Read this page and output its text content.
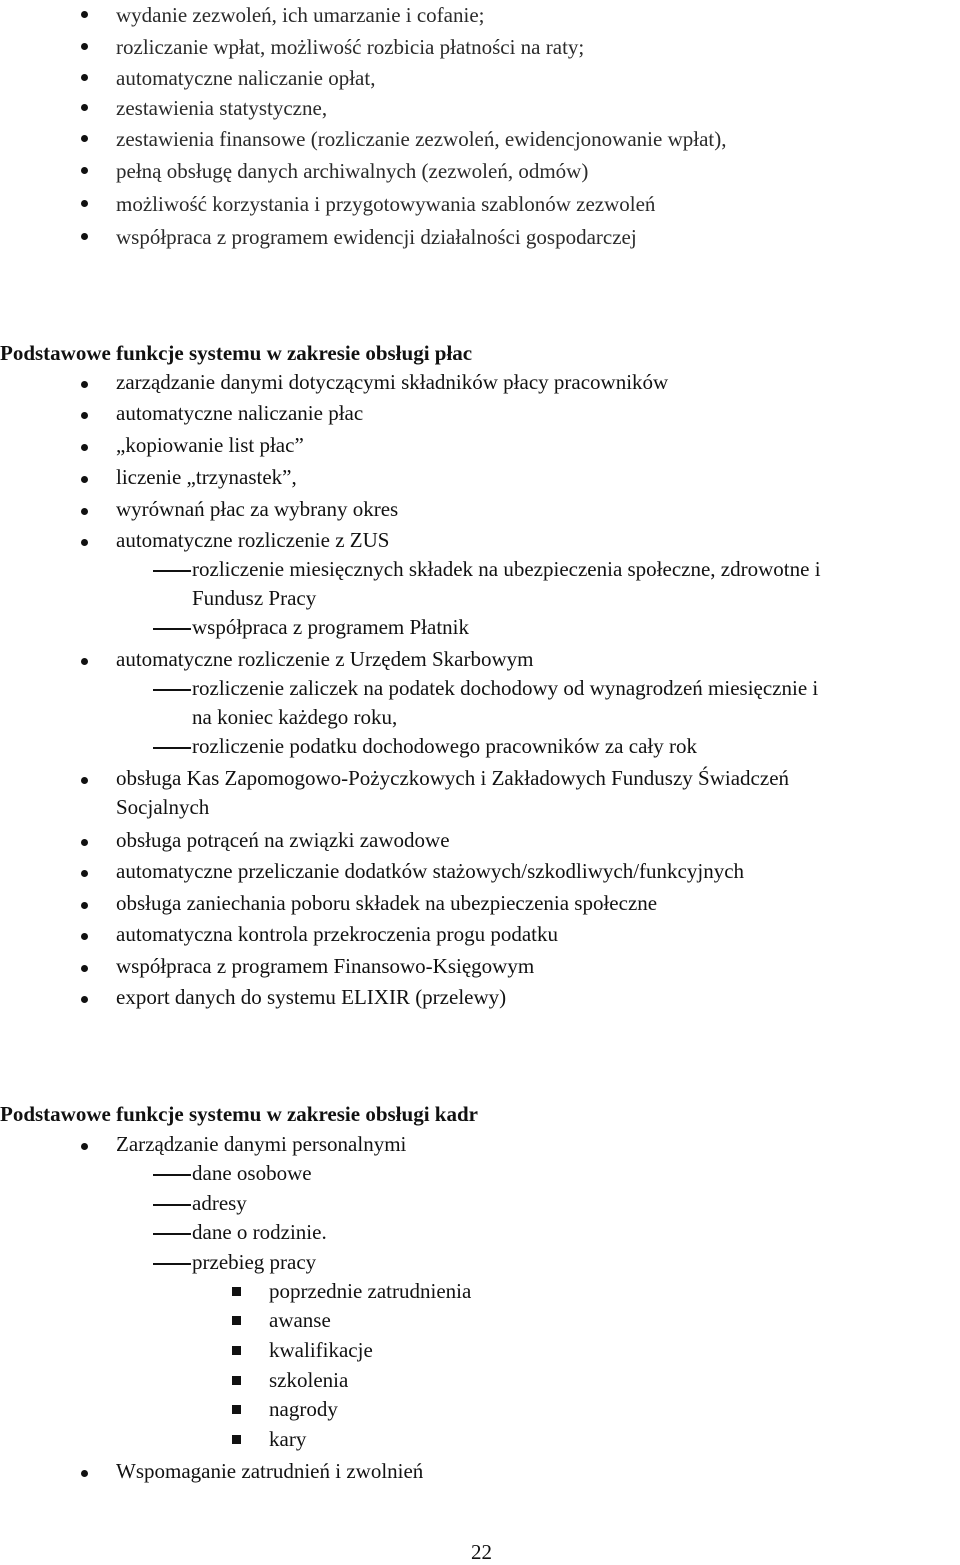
wydanie zezwoleń, ich umarzanie i cofanie;
rozliczanie wpłat, możliwość rozbicia płatności na raty;
automatyczne naliczanie opłat,
zestawienia statystyczne,
zestawienia finansowe (rozliczanie zezwoleń, ewidencjonowanie wpłat),
pełną obsługę danych archiwalnych (zezwoleń, odmów)
możliwość korzystania i przygotowywania szablonów zezwoleń
współpraca z programem ewidencji działalności gospodarczej
Podstawowe funkcje systemu w zakresie obsługi płac
zarządzanie danymi dotyczącymi składników płacy pracowników
automatyczne naliczanie płac
„kopiowanie list płac”
liczenie „trzynastek”,
wyrównań płac za wybrany okres
automatyczne rozliczenie z ZUS
rozliczenie miesięcznych składek na ubezpieczenia społeczne, zdrowotne i
Fundusz Pracy
współpraca z programem Płatnik
automatyczne rozliczenie z Urzędem Skarbowym
rozliczenie zaliczek na podatek dochodowy od wynagrodzeń miesięcznie i
na koniec każdego roku,
rozliczenie podatku dochodowego pracowników za cały rok
obsługa Kas Zapomogowo-Pożyczkowych i Zakładowych Funduszy Świadczeń
Socjalnych
obsługa potrąceń na związki zawodowe
automatyczne przeliczanie dodatków stażowych/szkodliwych/funkcyjnych
obsługa zaniechania poboru składek na ubezpieczenia społeczne
automatyczna kontrola przekroczenia progu podatku
współpraca z programem Finansowo-Księgowym
export danych do systemu ELIXIR (przelewy)
Podstawowe funkcje systemu w zakresie obsługi kadr
Zarządzanie danymi personalnymi
dane osobowe
adresy
dane o rodzinie.
przebieg pracy
poprzednie zatrudnienia
awanse
kwalifikacje
szkolenia
nagrody
kary
Wspomaganie zatrudnień i zwolnień
22
